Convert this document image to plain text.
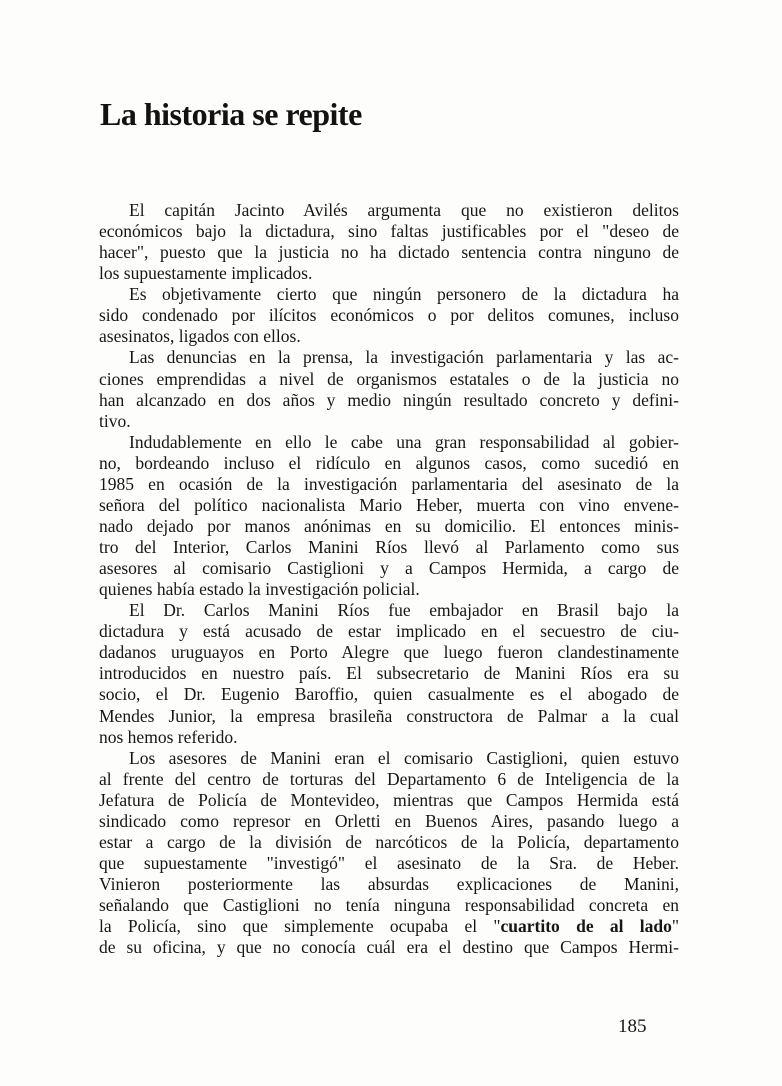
La historia se repite
El capitán Jacinto Avilés argumenta que no existieron delitos
económicos bajo la dictadura, sino faltas justificables por el "deseo de
hacer", puesto que la justicia no ha dictado sentencia contra ninguno de
los supuestamente implicados.
Es objetivamente cierto que ningún personero de la dictadura ha
sido condenado por ilícitos económicos o por delitos comunes, incluso
asesinatos, ligados con ellos.
Las denuncias en la prensa, la investigación parlamentaria y las ac-
ciones emprendidas a nivel de organismos estatales o de la justicia no
han alcanzado en dos años y medio ningún resultado concreto y defini-
tivo.
Indudablemente en ello le cabe una gran responsabilidad al gobier-
no, bordeando incluso el ridículo en algunos casos, como sucedió en
1985 en ocasión de la investigación parlamentaria del asesinato de la
señora del político nacionalista Mario Heber, muerta con vino envene-
nado dejado por manos anónimas en su domicilio. El entonces minis-
tro del Interior, Carlos Manini Ríos llevó al Parlamento como sus
asesores al comisario Castiglioni y a Campos Hermida, a cargo de
quienes había estado la investigación policial.
El Dr. Carlos Manini Ríos fue embajador en Brasil bajo la
dictadura y está acusado de estar implicado en el secuestro de ciu-
dadanos uruguayos en Porto Alegre que luego fueron clandestinamente
introducidos en nuestro país. El subsecretario de Manini Ríos era su
socio, el Dr. Eugenio Baroffio, quien casualmente es el abogado de
Mendes Junior, la empresa brasileña constructora de Palmar a la cual
nos hemos referido.
Los asesores de Manini eran el comisario Castiglioni, quien estuvo
al frente del centro de torturas del Departamento 6 de Inteligencia de la
Jefatura de Policía de Montevideo, mientras que Campos Hermida está
sindicado como represor en Orletti en Buenos Aires, pasando luego a
estar a cargo de la división de narcóticos de la Policía, departamento
que supuestamente "investigó" el asesinato de la Sra. de Heber.
Vinieron posteriormente las absurdas explicaciones de Manini,
señalando que Castiglioni no tenía ninguna responsabilidad concreta en
la Policía, sino que simplemente ocupaba el "cuartito de al lado"
de su oficina, y que no conocía cuál era el destino que Campos Hermi-
185
